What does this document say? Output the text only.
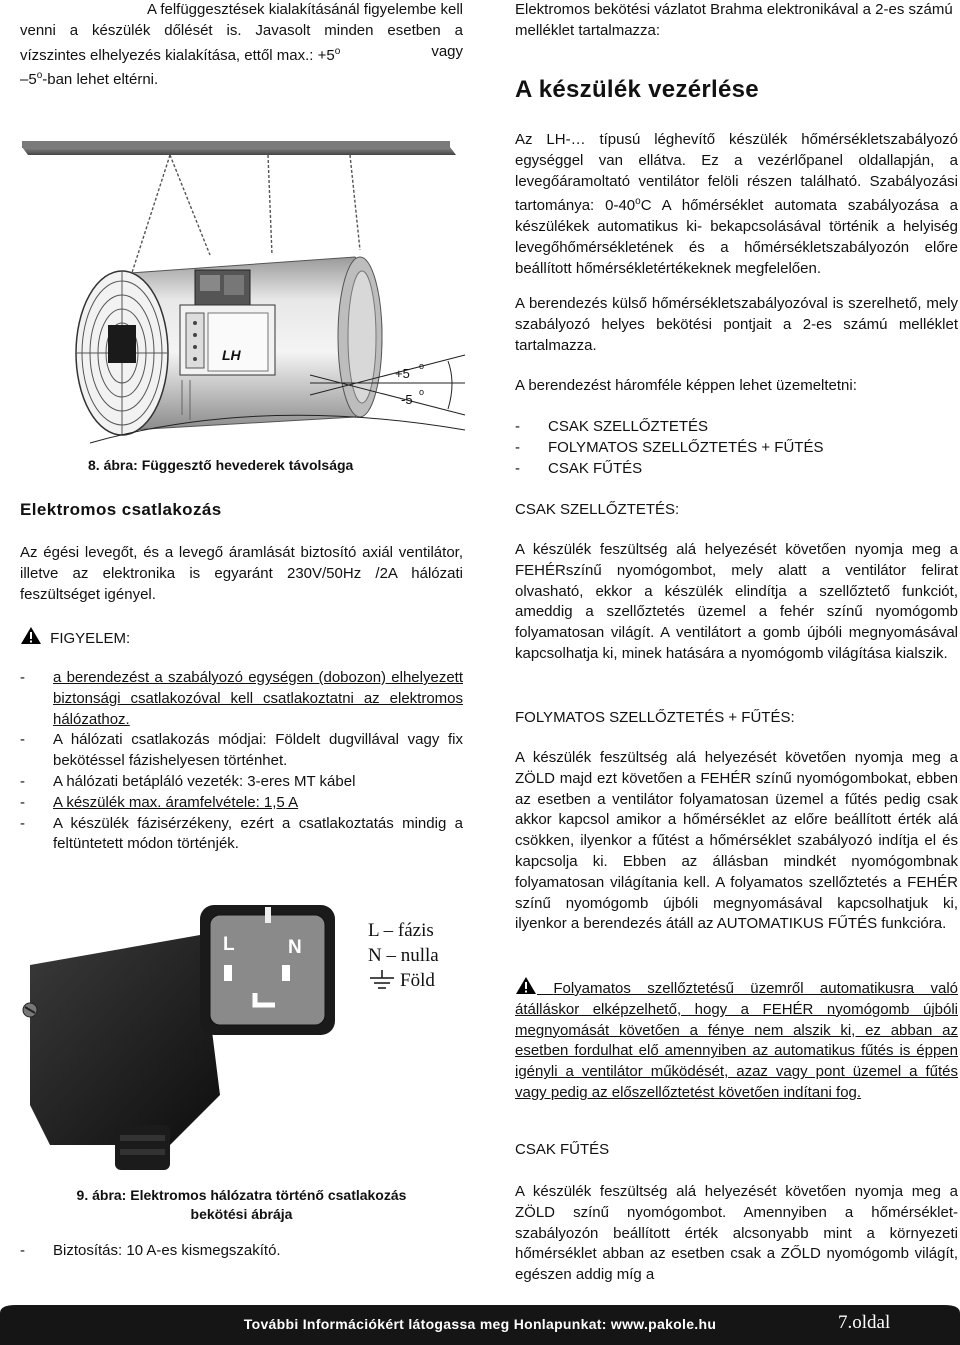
A felfüggesztések kialakításánál figyelembe kell
venni a készülék dőlését is. Javasolt minden esetben a
vízszintes elhelyezés kialakítása, ettől max.: $+5^o$	vagy
–5$^o$-ban lehet eltérni.
LH
+5 o
-5 o
8. ábra: Függesztő hevederek távolsága
Elektromos csatlakozás
Az égési levegőt, és a levegő áramlását biztosító axiál ventilátor, illetve az elektronika is egyaránt 230V/50Hz /2A hálózati feszültséget igényel.
FIGYELEM:
- a berendezést a szabályozó egységen (dobozon) elhelyezett biztonsági csatlakozóval kell csatlakoztatni az elektromos hálózathoz.
- A hálózati csatlakozás módjai: Földelt dugvillával vagy fix bekötéssel fázishelyesen történhet.
- A hálózati betápláló vezeték: 3-eres MT kábel
- A készülék max. áramfelvétele: 1,5 A
- A készülék fázisérzékeny, ezért a csatlakoztatás mindig a feltüntetett módon történjék.
L	N
L – fázis
N – nulla
Föld
9. ábra: Elektromos hálózatra történő csatlakozás
bekötési ábrája
- Biztosítás: 10 A-es kismegszakító.
Elektromos bekötési vázlatot Brahma elektronikával a 2-es számú melléklet tartalmazza:
A készülék vezérlése
Az LH-… típusú léghevítő készülék hőmérsékletszabályozó egységgel van ellátva. Ez a vezérlőpanel oldallapján, a levegőáramoltató ventilátor felöli részen található. Szabályozási tartománya: 0-40$^o$C A hőmérséklet automata szabályozása a készülékek automatikus ki- bekapcsolásával történik a helyiség levegőhőmérsékletének és a hőmérsékletszabályozón előre beállított hőmérsékletértékeknek megfelelően.
A berendezés külső hőmérsékletszabályozóval is szerelhető, mely szabályozó helyes bekötési pontjait a 2-es számú melléklet tartalmazza.
A berendezést háromféle képpen lehet üzemeltetni:
- CSAK SZELLŐZTETÉS
- FOLYMATOS SZELLŐZTETÉS + FŰTÉS
- CSAK FŰTÉS
CSAK SZELLŐZTETÉS:
A készülék feszültség alá helyezését követően nyomja meg a FEHÉRszínű nyomógombot, mely alatt a ventilátor felirat olvasható, ekkor a készülék elindítja a szellőztető funkciót, ameddig a szellőztetés üzemel a fehér színű nyomógomb folyamatosan világít. A ventilátort a gomb újbóli megnyomásával kapcsolhatja ki, minek hatására a nyomógomb világítása kialszik.
FOLYMATOS SZELLŐZTETÉS + FŰTÉS:
A készülék feszültség alá helyezését követően nyomja meg a ZÖLD majd ezt követően a FEHÉR színű nyomógombokat, ebben az esetben a ventilátor folyamatosan üzemel a fűtés pedig csak akkor kapcsol amikor a hőmérséklet az előre beállított érték alá csökken, ilyenkor a fűtést a hőmérséklet szabályozó indítja el és kapcsolja ki. Ebben az állásban mindkét nyomógombnak folyamatosan világítania kell. A folyamatos szellőztetés a FEHÉR színű nyomógomb újbóli megnyomásával kapcsolhatjuk ki, ilyenkor a berendezés átáll az AUTOMATIKUS FŰTÉS funkcióra.
Folyamatos szellőztetésű üzemről automatikusra való átálláskor elképzelhető, hogy a FEHÉR nyomógomb újbóli megnyomását követően a fénye nem alszik ki, ez abban az esetben fordulhat elő amennyiben az automatikus fűtés is éppen igényli a ventilátor működését, azaz vagy pont üzemel a fűtés vagy pedig az előszellőztetést követően indítani fog.
CSAK FŰTÉS
A készülék feszültség alá helyezését követően nyomja meg a ZÖLD színű nyomógombot. Amennyiben a hőmérséklet-szabályozón beállított érték alcsonyabb mint a környezeti hőmérséklet abban az esetben csak a ZŐLD nyomógomb világít, egészen addig míg a
További Információkért látogassa meg Honlapunkat: www.pakole.hu	7.oldal
